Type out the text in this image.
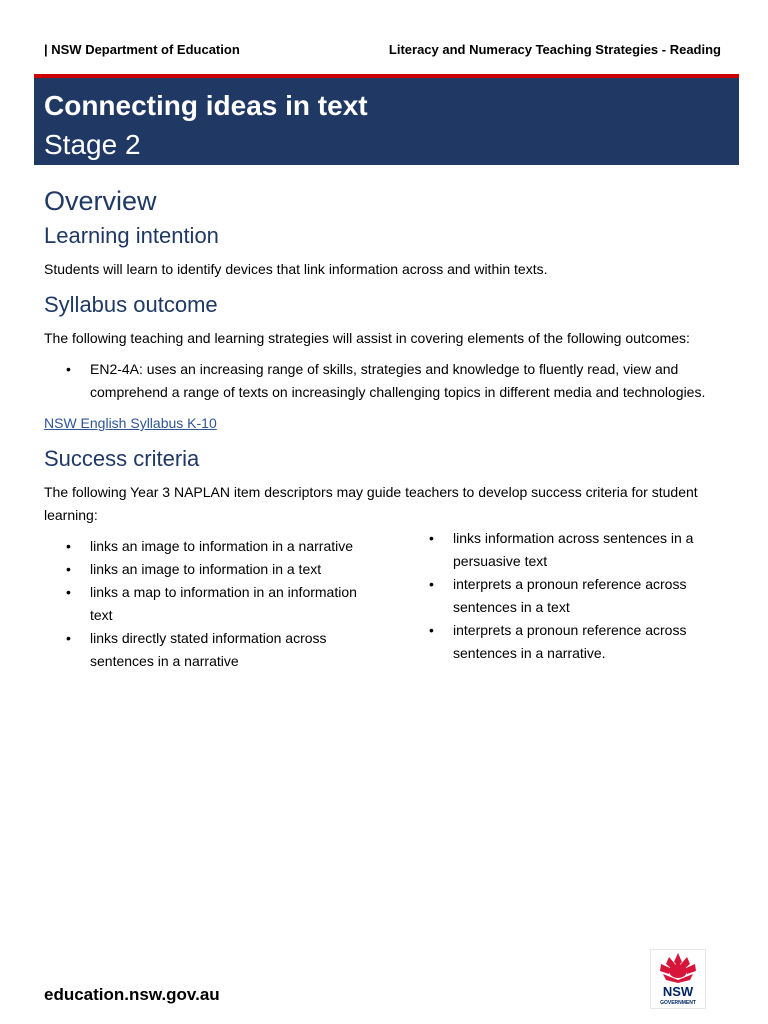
| NSW Department of Education	Literacy and Numeracy Teaching Strategies - Reading
Connecting ideas in text
Stage 2
Overview
Learning intention

Students will learn to identify devices that link information across and within texts.

Syllabus outcome

The following teaching and learning strategies will assist in covering elements of the following outcomes:

• EN2-4A: uses an increasing range of skills, strategies and knowledge to fluently read, view and comprehend a range of texts on increasingly challenging topics in different media and technologies.
NSW English Syllabus K-10
Success criteria

The following Year 3 NAPLAN item descriptors may guide teachers to develop success criteria for student learning:

• links an image to information in a narrative
• links an image to information in a text
• links a map to information in an information text
• links directly stated information across sentences in a narrative
• links information across sentences in a persuasive text
• interprets a pronoun reference across sentences in a text
• interprets a pronoun reference across sentences in a narrative.
education.nsw.gov.au	NSW
GOVERNMENT
